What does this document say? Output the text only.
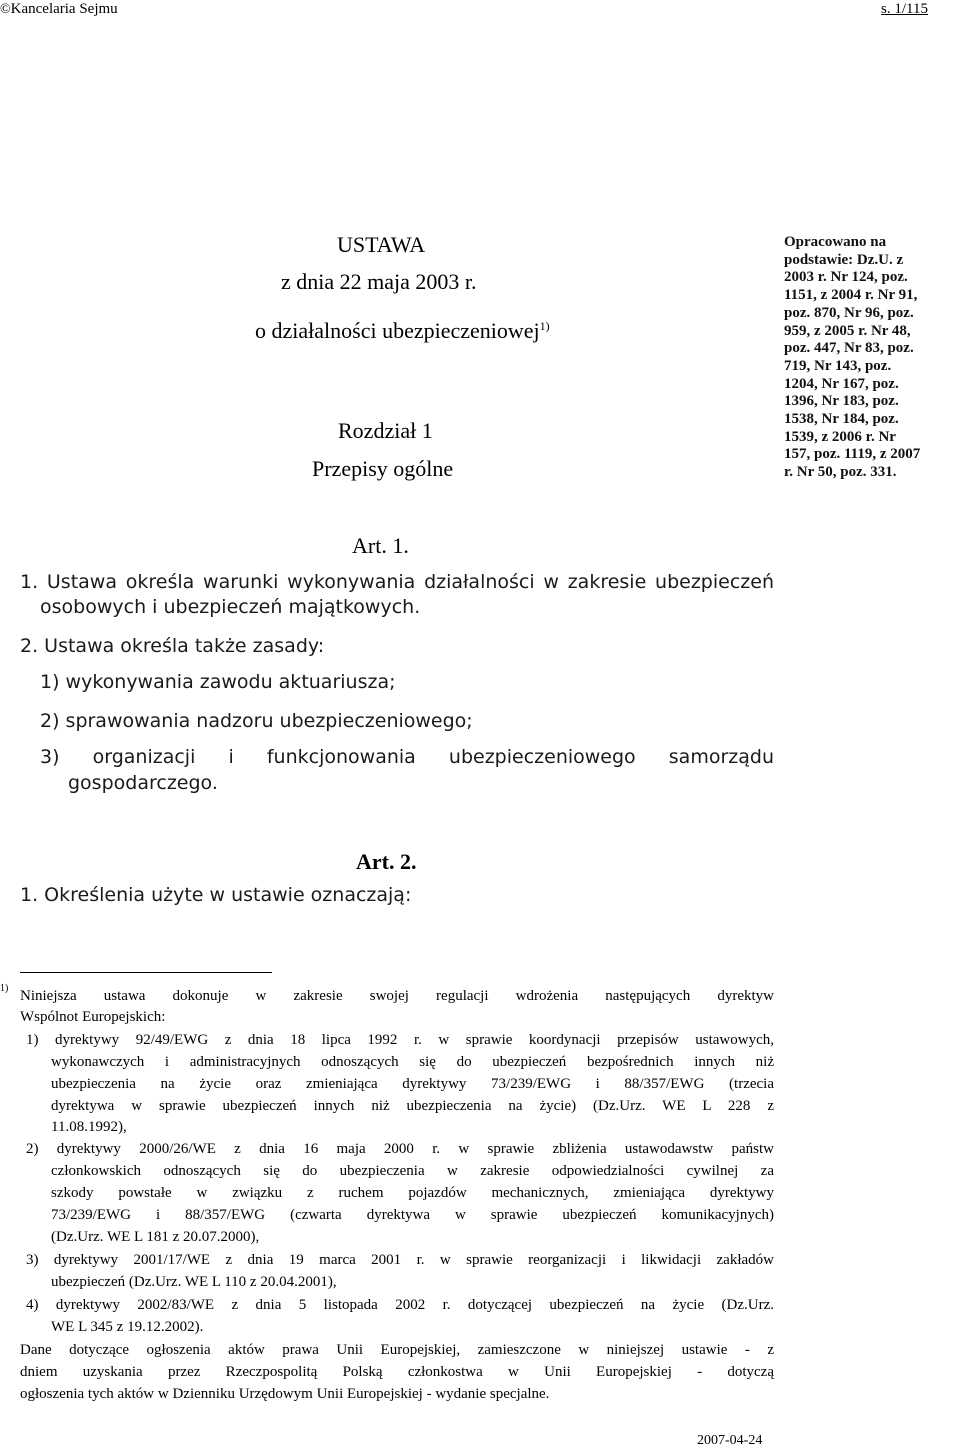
©Kancelaria Sejmu	s. 1/115
USTAWA
z dnia 22 maja 2003 r.
o działalności ubezpieczeniowej$^{1)}$
Rozdział 1
Przepisy ogólne
Art. 1.
1. Ustawa określa warunki wykonywania działalności w zakresie ubezpieczeń
osobowych i ubezpieczeń majątkowych.
2. Ustawa określa także zasady:
1) wykonywania zawodu aktuariusza;
2) sprawowania nadzoru ubezpieczeniowego;
3) organizacji i funkcjonowania ubezpieczeniowego samorządu
gospodarczego.
Art. 2.
1. Określenia użyte w ustawie oznaczają:
Opracowano na
podstawie: Dz.U. z
2003 r. Nr 124, poz.
1151, z 2004 r. Nr 91,
poz. 870, Nr 96, poz.
959, z 2005 r. Nr 48,
poz. 447, Nr 83, poz.
719, Nr 143, poz.
1204, Nr 167, poz.
1396, Nr 183, poz.
1538, Nr 184, poz.
1539, z 2006 r. Nr
157, poz. 1119, z 2007
r. Nr 50, poz. 331.
1) Niniejsza ustawa dokonuje w zakresie swojej regulacji wdrożenia następujących dyrektyw
Wspólnot Europejskich:
1) dyrektywy 92/49/EWG z dnia 18 lipca 1992 r. w sprawie koordynacji przepisów ustawowych,
wykonawczych i administracyjnych odnoszących się do ubezpieczeń bezpośrednich innych niż
ubezpieczenia na życie oraz zmieniająca dyrektywy 73/239/EWG i 88/357/EWG (trzecia
dyrektywa w sprawie ubezpieczeń innych niż ubezpieczenia na życie) (Dz.Urz. WE L 228 z
11.08.1992),
2) dyrektywy 2000/26/WE z dnia 16 maja 2000 r. w sprawie zbliżenia ustawodawstw państw
członkowskich odnoszących się do ubezpieczenia w zakresie odpowiedzialności cywilnej za
szkody powstałe w związku z ruchem pojazdów mechanicznych, zmieniająca dyrektywy
73/239/EWG i 88/357/EWG (czwarta dyrektywa w sprawie ubezpieczeń komunikacyjnych)
(Dz.Urz. WE L 181 z 20.07.2000),
3) dyrektywy 2001/17/WE z dnia 19 marca 2001 r. w sprawie reorganizacji i likwidacji zakładów
ubezpieczeń (Dz.Urz. WE L 110 z 20.04.2001),
4) dyrektywy 2002/83/WE z dnia 5 listopada 2002 r. dotyczącej ubezpieczeń na życie (Dz.Urz.
WE L 345 z 19.12.2002).
Dane dotyczące ogłoszenia aktów prawa Unii Europejskiej, zamieszczone w niniejszej ustawie - z
dniem uzyskania przez Rzeczpospolitą Polską członkostwa w Unii Europejskiej - dotyczą
ogłoszenia tych aktów w Dzienniku Urzędowym Unii Europejskiej - wydanie specjalne.
2007-04-24
